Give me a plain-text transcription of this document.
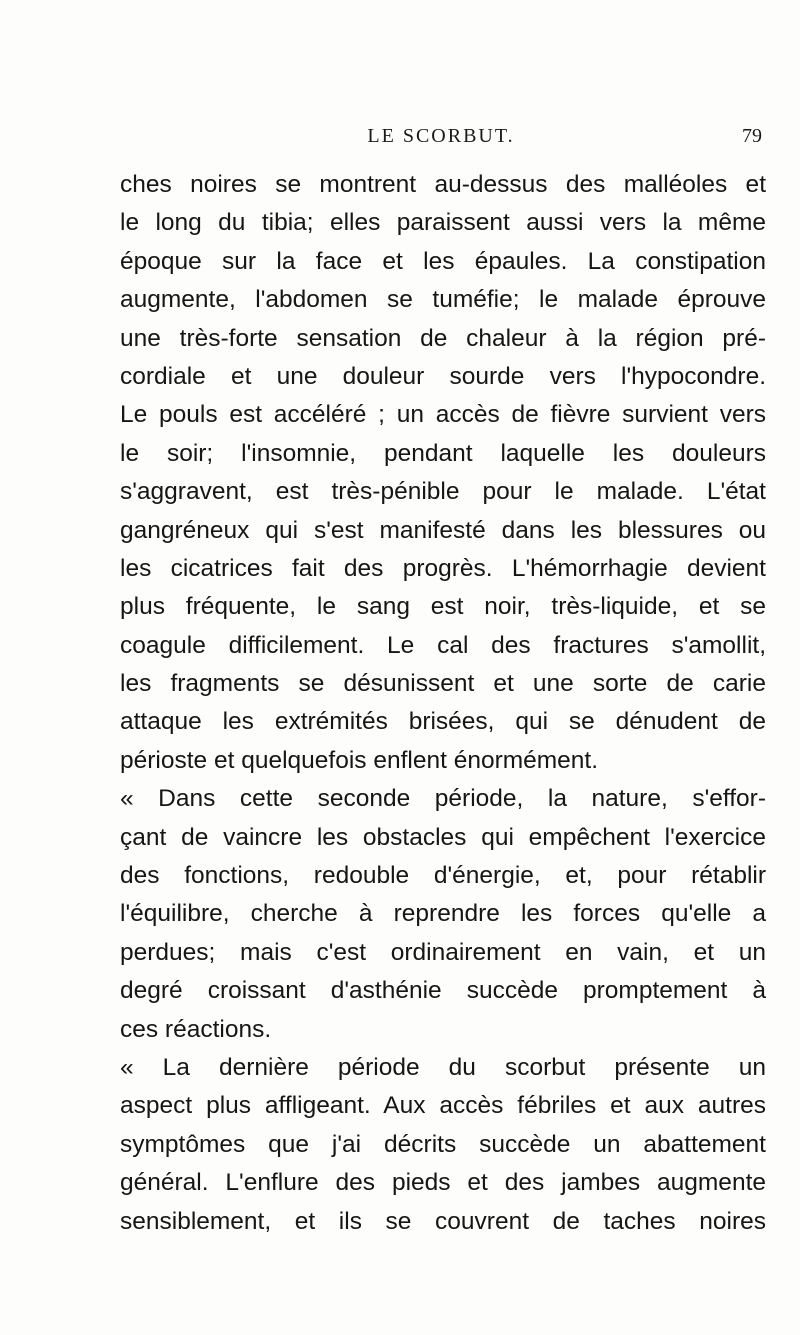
LE SCORBUT.	79
ches noires se montrent au-dessus des malléoles et
le long du tibia; elles paraissent aussi vers la même
époque sur la face et les épaules. La constipation
augmente, l'abdomen se tuméfie; le malade éprouve
une très-forte sensation de chaleur à la région pré-
cordiale et une douleur sourde vers l'hypocondre.
Le pouls est accéléré ; un accès de fièvre survient vers
le soir; l'insomnie, pendant laquelle les douleurs
s'aggravent, est très-pénible pour le malade. L'état
gangréneux qui s'est manifesté dans les blessures ou
les cicatrices fait des progrès. L'hémorrhagie devient
plus fréquente, le sang est noir, très-liquide, et se
coagule difficilement. Le cal des fractures s'amollit,
les fragments se désunissent et une sorte de carie
attaque les extrémités brisées, qui se dénudent de
périoste et quelquefois enflent énormément.
« Dans cette seconde période, la nature, s'effor-
çant de vaincre les obstacles qui empêchent l'exercice
des fonctions, redouble d'énergie, et, pour rétablir
l'équilibre, cherche à reprendre les forces qu'elle a
perdues; mais c'est ordinairement en vain, et un
degré croissant d'asthénie succède promptement à
ces réactions.
« La dernière période du scorbut présente un
aspect plus affligeant. Aux accès fébriles et aux autres
symptômes que j'ai décrits succède un abattement
général. L'enflure des pieds et des jambes augmente
sensiblement, et ils se couvrent de taches noires
